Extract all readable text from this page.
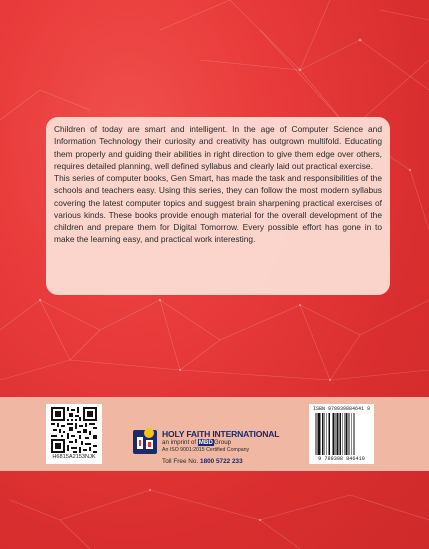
Children of today are smart and intelligent. In the age of Computer Science and Information Technology their curiosity and creativity has outgrown multifold. Educating them properly and guiding their abilities in right direction to give them edge over others, requires detailed planning, well defined syllabus and clearly laid out practical exercise.

This series of computer books, Gen Smart, has made the task and responsibilities of the schools and teachers easy. Using this series, they can follow the most modern syllabus covering the latest computer topics and suggest brain sharpening practical exercises of various kinds. These books provide enough material for the overall development of the children and prepare them for Digital Tomorrow. Every possible effort has gone in to make the learning easy, and practical work interesting.

H6815A2153NJK
HOLY FAITH INTERNATIONAL
an imprint of MBDGroup
An ISO 9001:2015 Certified Company
Toll Free No. 1800 5722 233
ISBN 978939884641 9
9 789398 846419
